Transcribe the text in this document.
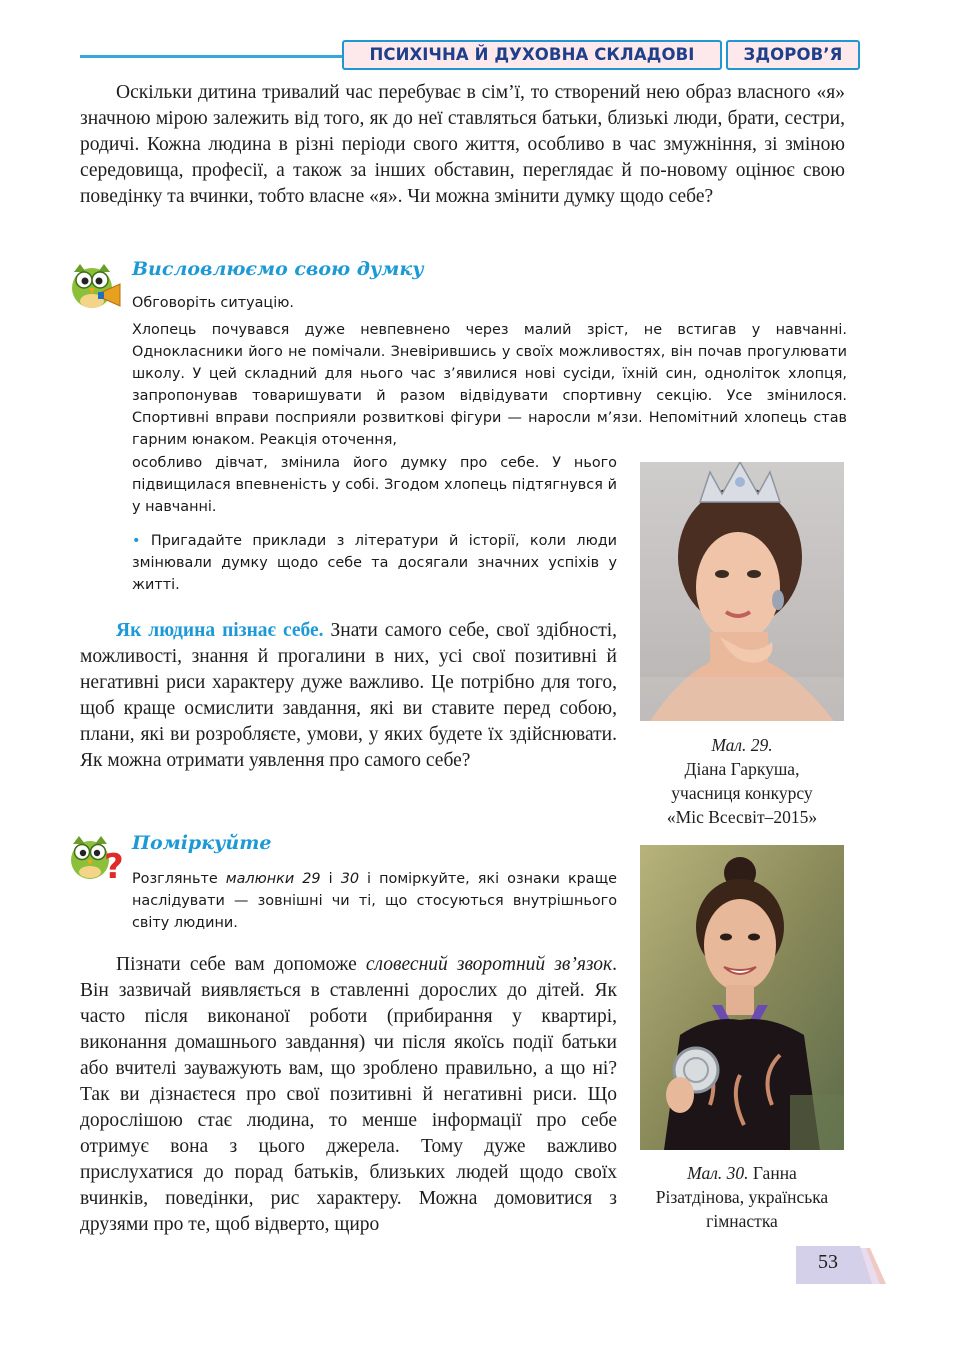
ПСИХІЧНА Й ДУХОВНА СКЛАДОВІ	ЗДОРОВ’Я

Оскільки дитина тривалий час перебуває в сім’ї, то створений нею образ власного «я» значною мірою залежить від того, як до неї ставляться батьки, близькі люди, брати, сестри, родичі. Кожна людина в різні періоди свого життя, особливо в час змужніння, зі зміною середовища, професії, а також за інших обставин, переглядає й по-новому оцінює свою поведінку та вчинки, тобто власне «я». Чи можна змінити думку щодо себе?

Висловлюємо свою думку

Обговоріть ситуацію.

Хлопець почувався дуже невпевнено через малий зріст, не встигав у навчанні. Однокласники його не помічали. Зневірившись у своїх можливостях, він почав прогулювати школу. У цей складний для нього час з’явилися нові сусіди, їхній син, одноліток хлопця, запропонував товаришувати й разом відвідувати спортивну секцію. Усе змінилося. Спортивні вправи посприяли розвиткові фігури — наросли м’язи. Непомітний хлопець став гарним юнаком. Реакція оточення,

особливо дівчат, змінила його думку про себе. У нього підвищилася впевненість у собі. Згодом хлопець підтягнувся й у навчанні.

• Пригадайте приклади з літератури й історії, коли люди змінювали думку щодо себе та досягали значних успіхів у житті.
Мал. 29.
Діана Гаркуша,
учасниця конкурсу
«Міс Всесвіт–2015»

Як людина пізнає себе. Знати самого себе, свої здібності, можливості, знання й прогалини в них, усі свої позитивні й негативні риси характеру дуже важливо. Це потрібно для того, щоб краще осмислити завдання, які ви ставите перед собою, плани, які ви розробляєте, умови, у яких будете їх здійснювати. Як можна отримати уявлення про самого себе?

?
Поміркуйте

Розгляньте малюнки 29 і 30 і поміркуйте, які ознаки краще наслідувати — зовнішні чи ті, що стосуються внутрішнього світу людини.

Мал. 30. Ганна
Різатдінова, українська
гімнастка

Пізнати себе вам допоможе словесний зворотний зв’язок. Він зазвичай виявляється в ставленні дорослих до дітей. Як часто після виконаної роботи (прибирання у квартирі, виконання домашнього завдання) чи після якоїсь події батьки або вчителі зауважують вам, що зроблено правильно, а що ні? Так ви дізнаєтеся про свої позитивні й негативні риси. Що дорослішою стає людина, то менше інформації про себе отримує вона з цього джерела. Тому дуже важливо прислухатися до порад батьків, близьких людей щодо своїх вчинків, поведінки, рис характеру. Можна домовитися з друзями про те, щоб відверто, щиро

53
